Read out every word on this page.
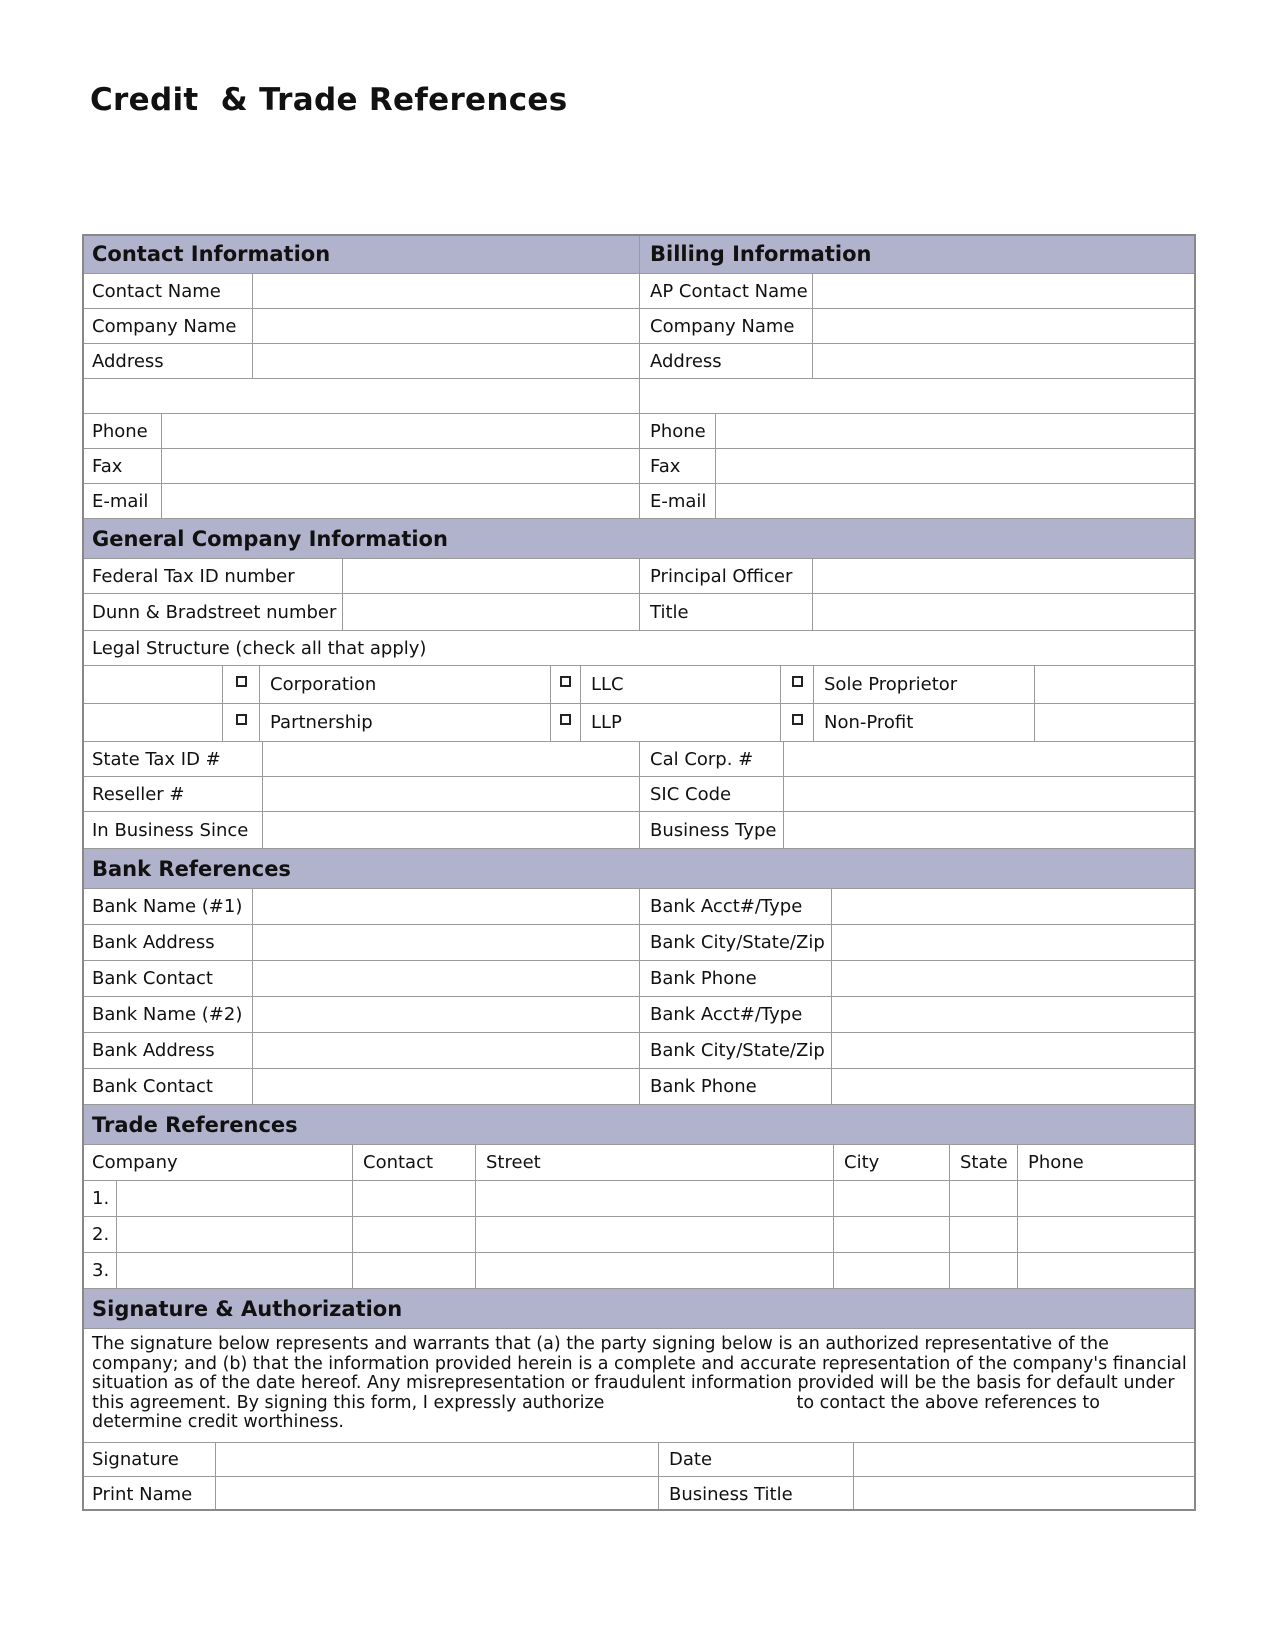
Credit  & Trade References
Contact Information	Billing Information
Contact Name	AP Contact Name
Company Name	Company Name
Address	Address
Phone	Phone
Fax	Fax
E-mail	E-mail
General Company Information
Federal Tax ID number	Principal Officer
Dunn & Bradstreet number	Title
Legal Structure (check all that apply)
Corporation	LLC	Sole Proprietor
Partnership	LLP	Non-Profit
State Tax ID #	Cal Corp. #
Reseller #	SIC Code
In Business Since	Business Type
Bank References
Bank Name (#1)	Bank Acct#/Type
Bank Address	Bank City/State/Zip
Bank Contact	Bank Phone
Bank Name (#2)	Bank Acct#/Type
Bank Address	Bank City/State/Zip
Bank Contact	Bank Phone
Trade References
Company	Contact	Street	City	State	Phone
1.
2.
3.
Signature & Authorization
The signature below represents and warrants that (a) the party signing below is an authorized representative of the company; and (b) that the information provided herein is a complete and accurate representation of the company's financial situation as of the date hereof. Any misrepresentation or fraudulent information provided will be the basis for default under this agreement. By signing this form, I expressly authorize	to contact the above references to determine credit worthiness.
Signature	Date
Print Name	Business Title
